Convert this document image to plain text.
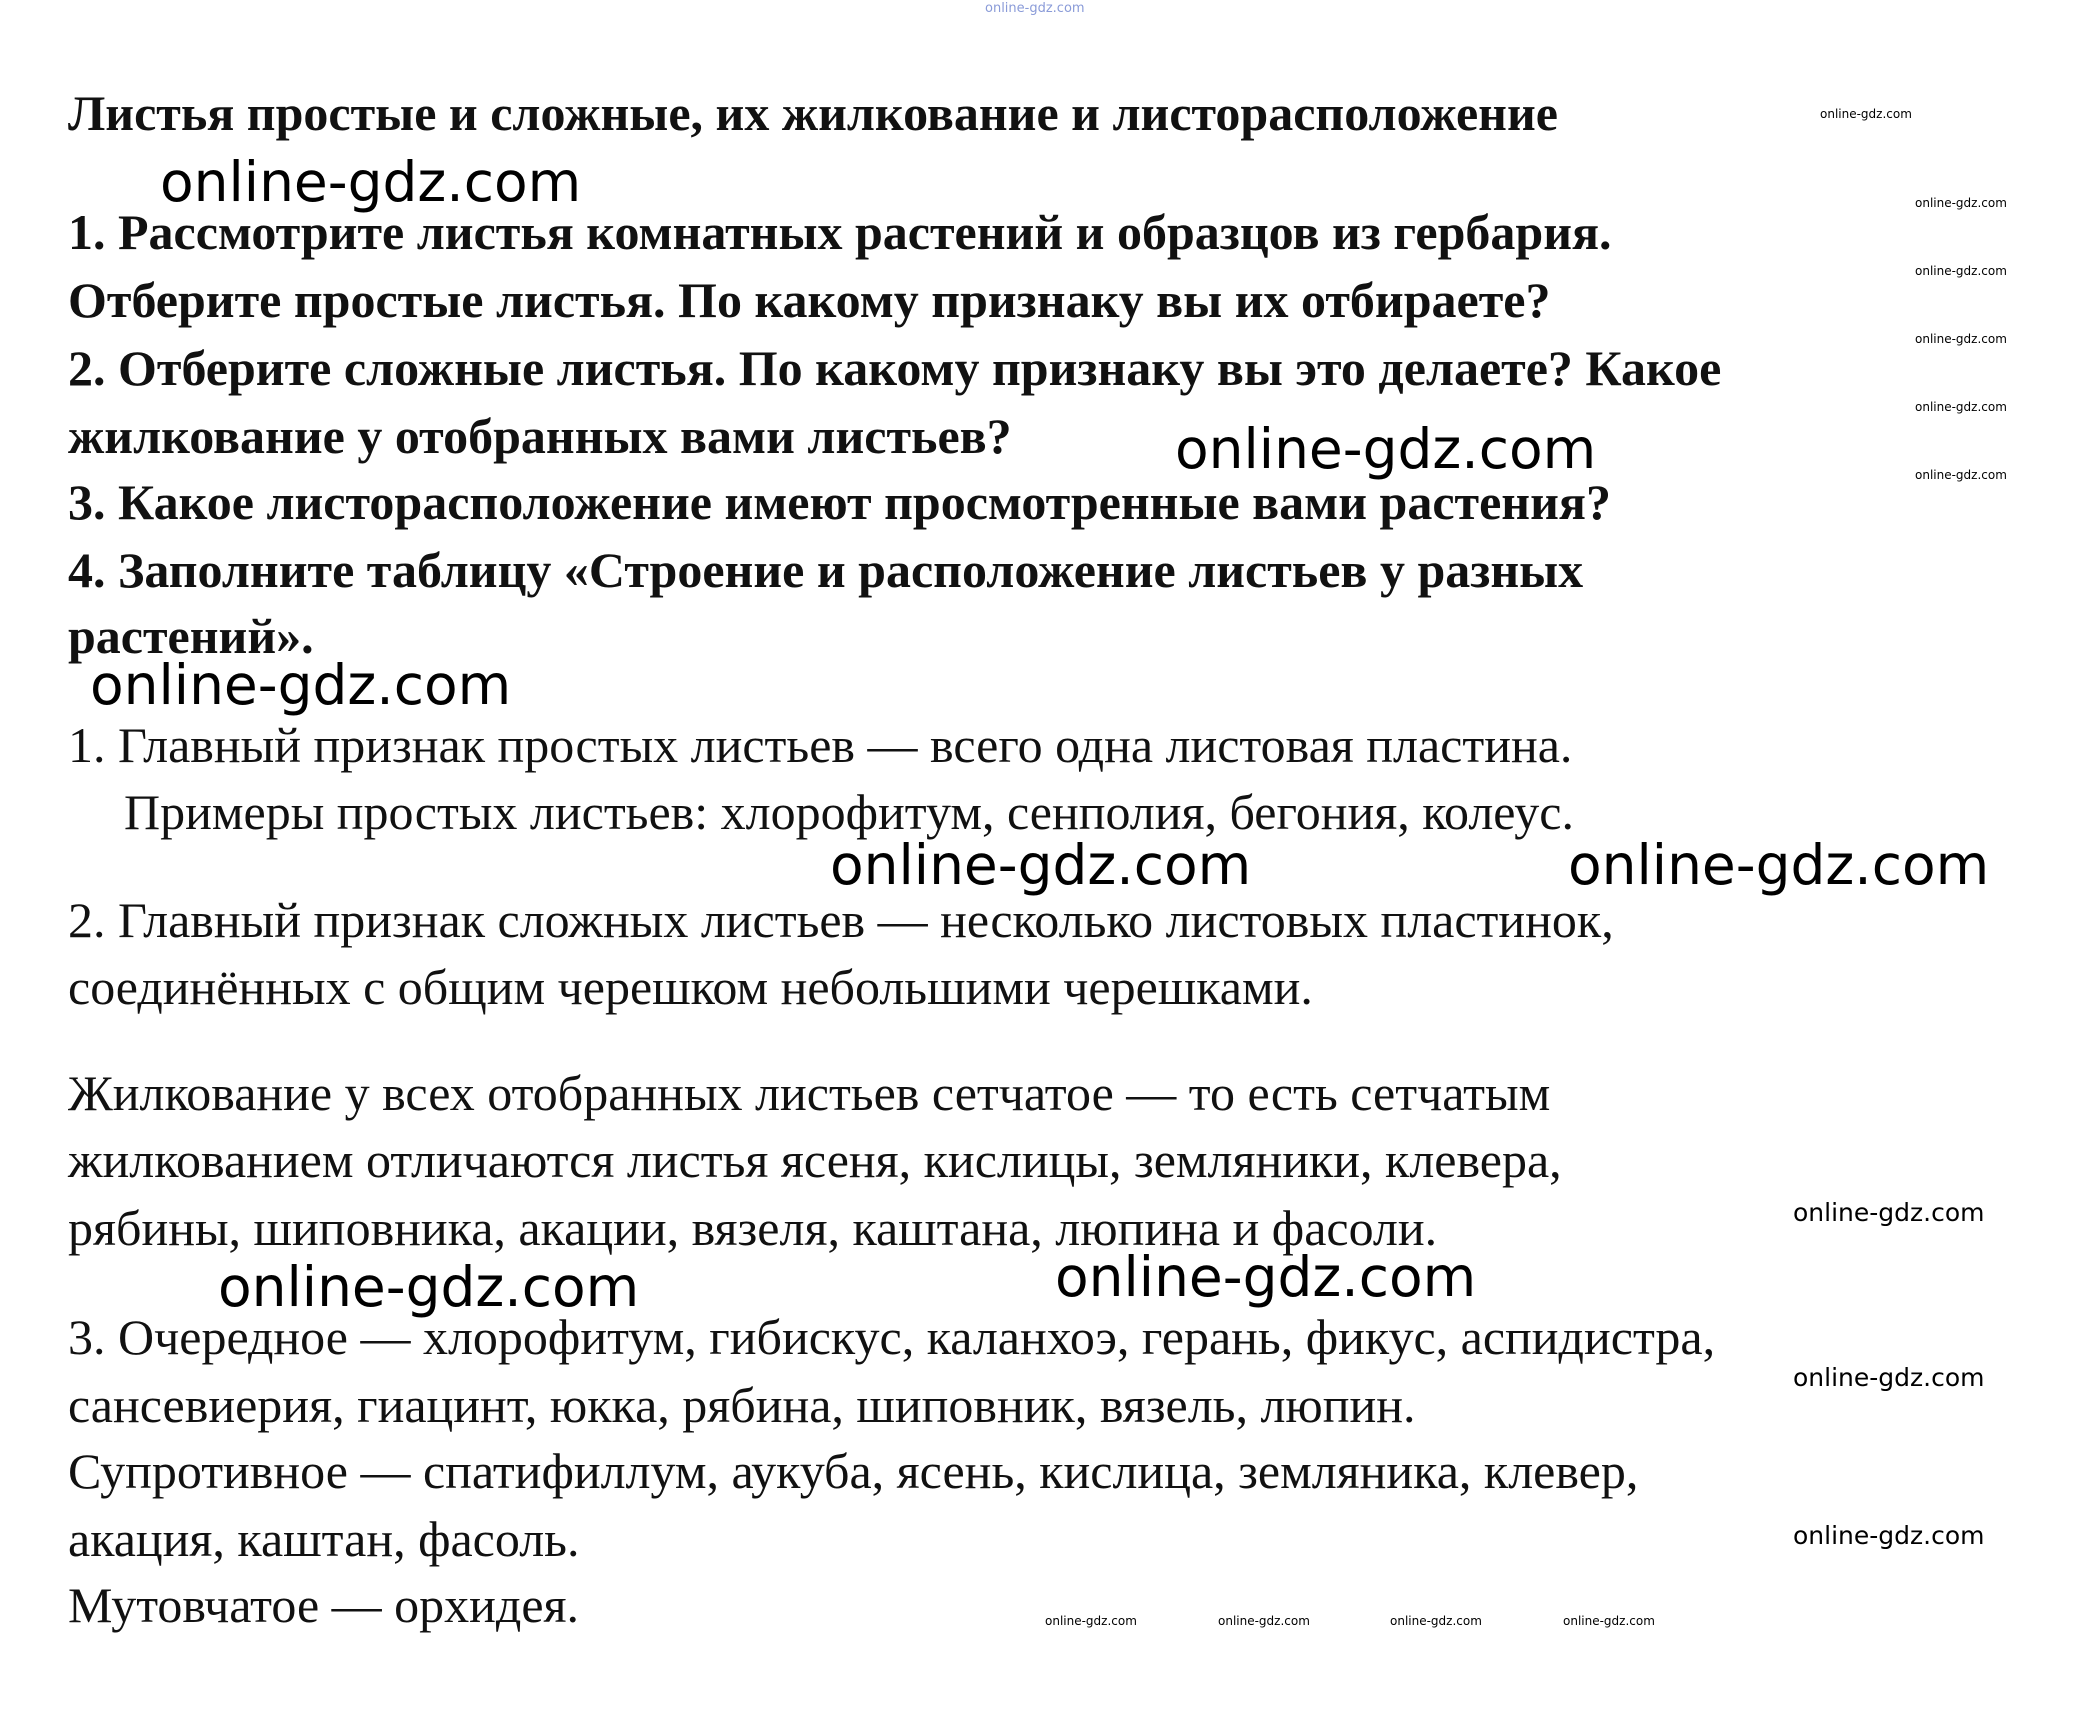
Листья простые и сложные, их жилкование и листорасположение
1. Рассмотрите листья комнатных растений и образцов из гербария.
Отберите простые листья. По какому признаку вы их отбираете?
2. Отберите сложные листья. По какому признаку вы это делаете? Какое
жилкование у отобранных вами листьев?
3. Какое листорасположение имеют просмотренные вами растения?
4. Заполните таблицу «Строение и расположение листьев у разных
растений».
1. Главный признак простых листьев — всего одна листовая пластина.
Примеры простых листьев: хлорофитум, сенполия, бегония, колеус.
2. Главный признак сложных листьев — несколько листовых пластинок,
соединённых с общим черешком небольшими черешками.
Жилкование у всех отобранных листьев сетчатое — то есть сетчатым
жилкованием отличаются листья ясеня, кислицы, земляники, клевера,
рябины, шиповника, акации, вязеля, каштана, люпина и фасоли.
3. Очередное — хлорофитум, гибискус, каланхоэ, герань, фикус, аспидистра,
сансевиерия, гиацинт, юкка, рябина, шиповник, вязель, люпин.
Супротивное — спатифиллум, аукуба, ясень, кислица, земляника, клевер,
акация, каштан, фасоль.
Мутовчатое — орхидея.
online-gdz.com
online-gdz.com
online-gdz.com
online-gdz.com
online-gdz.com
online-gdz.com
online-gdz.com
online-gdz.com
online-gdz.com
online-gdz.com
online-gdz.com	online-gdz.com
online-gdz.com	online-gdz.com
online-gdz.com
online-gdz.com
online-gdz.com
online-gdz.com	online-gdz.com	online-gdz.com	online-gdz.com
